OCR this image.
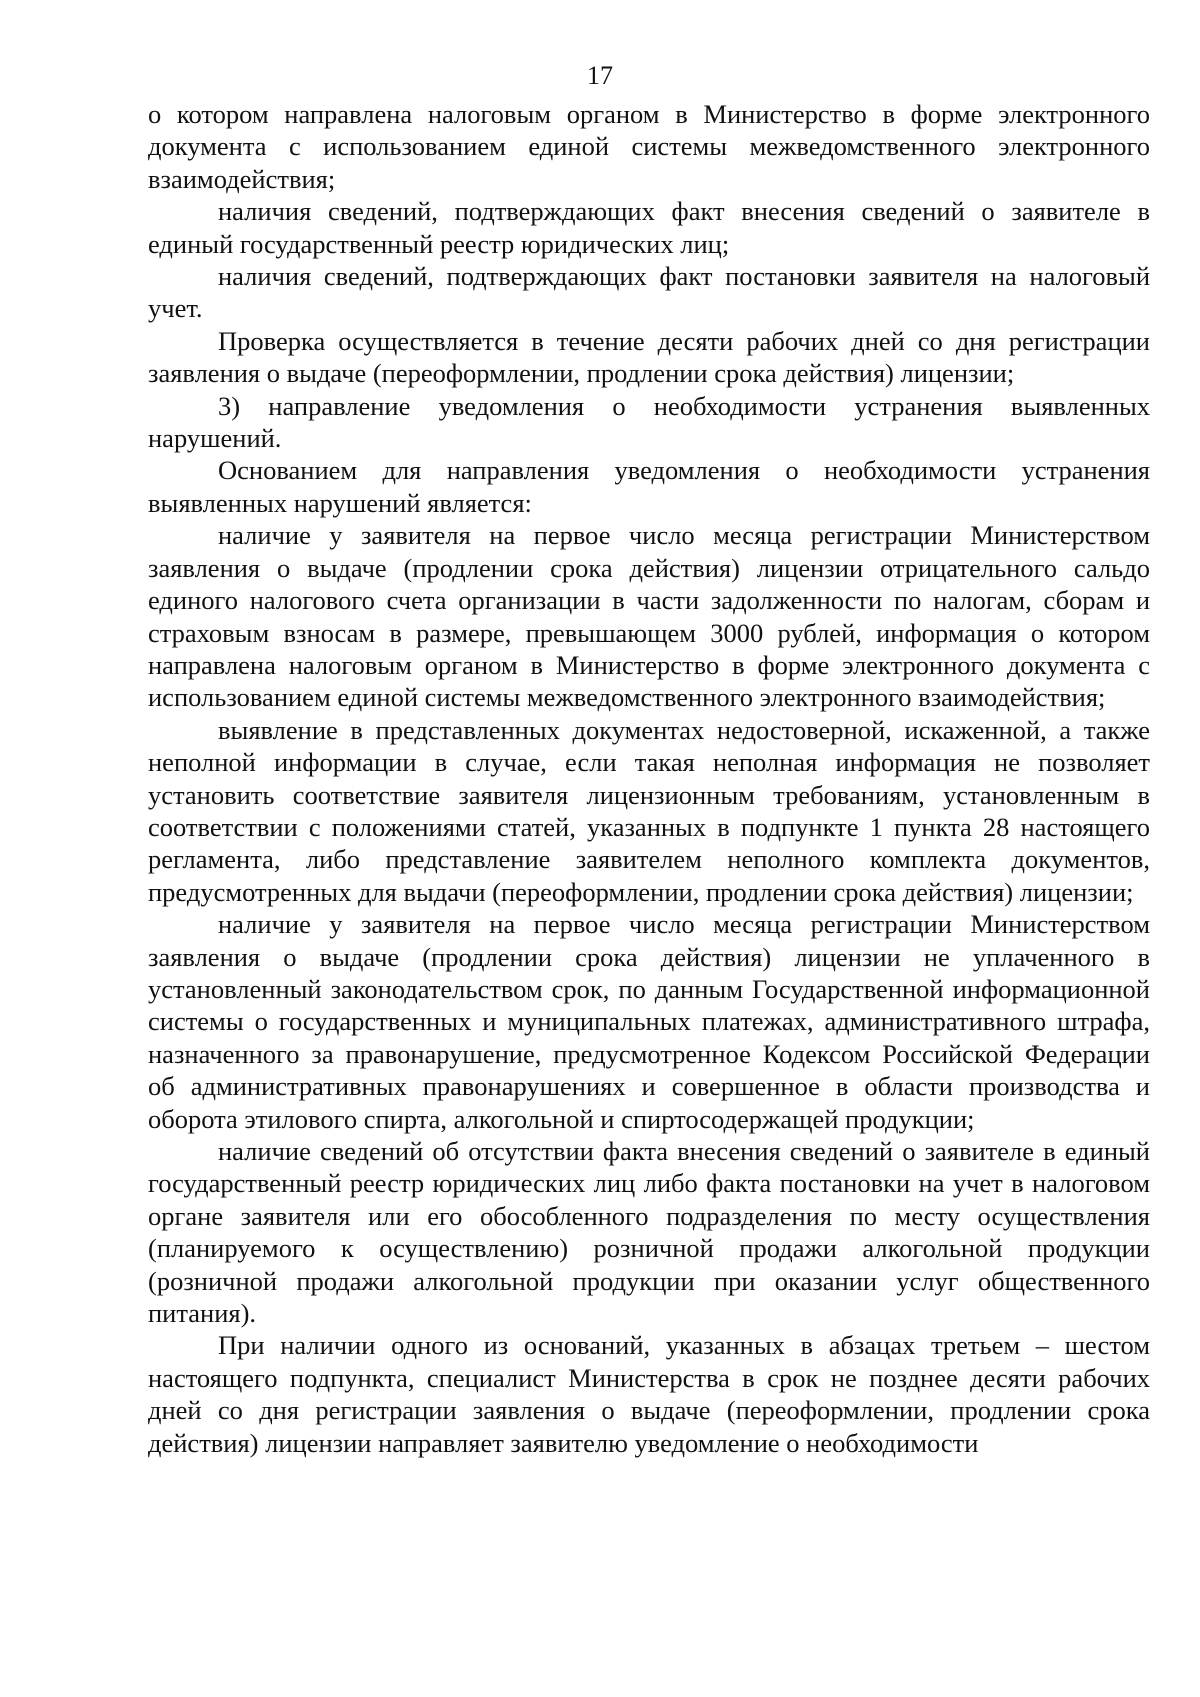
17

о котором направлена налоговым органом в Министерство в форме электронного документа с использованием единой системы межведомственного электронного взаимодействия;

наличия сведений, подтверждающих факт внесения сведений о заявителе в единый государственный реестр юридических лиц;

наличия сведений, подтверждающих факт постановки заявителя на налоговый учет.

Проверка осуществляется в течение десяти рабочих дней со дня регистрации заявления о выдаче (переоформлении, продлении срока действия) лицензии;

3) направление уведомления о необходимости устранения выявленных нарушений.

Основанием для направления уведомления о необходимости устранения выявленных нарушений является:

наличие у заявителя на первое число месяца регистрации Министерством заявления о выдаче (продлении срока действия) лицензии отрицательного сальдо единого налогового счета организации в части задолженности по налогам, сборам и страховым взносам в размере, превышающем 3000 рублей, информация о котором направлена налоговым органом в Министерство в форме электронного документа с использованием единой системы межведомственного электронного взаимодействия;

выявление в представленных документах недостоверной, искаженной, а также неполной информации в случае, если такая неполная информация не позволяет установить соответствие заявителя лицензионным требованиям, установленным в соответствии с положениями статей, указанных в подпункте 1 пункта 28 настоящего регламента, либо представление заявителем неполного комплекта документов, предусмотренных для выдачи (переоформлении, продлении срока действия) лицензии;

наличие у заявителя на первое число месяца регистрации Министерством заявления о выдаче (продлении срока действия) лицензии не уплаченного в установленный законодательством срок, по данным Государственной информационной системы о государственных и муниципальных платежах, административного штрафа, назначенного за правонарушение, предусмотренное Кодексом Российской Федерации об административных правонарушениях и совершенное в области производства и оборота этилового спирта, алкогольной и спиртосодержащей продукции;

наличие сведений об отсутствии факта внесения сведений о заявителе в единый государственный реестр юридических лиц либо факта постановки на учет в налоговом органе заявителя или его обособленного подразделения по месту осуществления (планируемого к осуществлению) розничной продажи алкогольной продукции (розничной продажи алкогольной продукции при оказании услуг общественного питания).

При наличии одного из оснований, указанных в абзацах третьем – шестом настоящего подпункта, специалист Министерства в срок не позднее десяти рабочих дней со дня регистрации заявления о выдаче (переоформлении, продлении срока действия) лицензии направляет заявителю уведомление о необходимости
